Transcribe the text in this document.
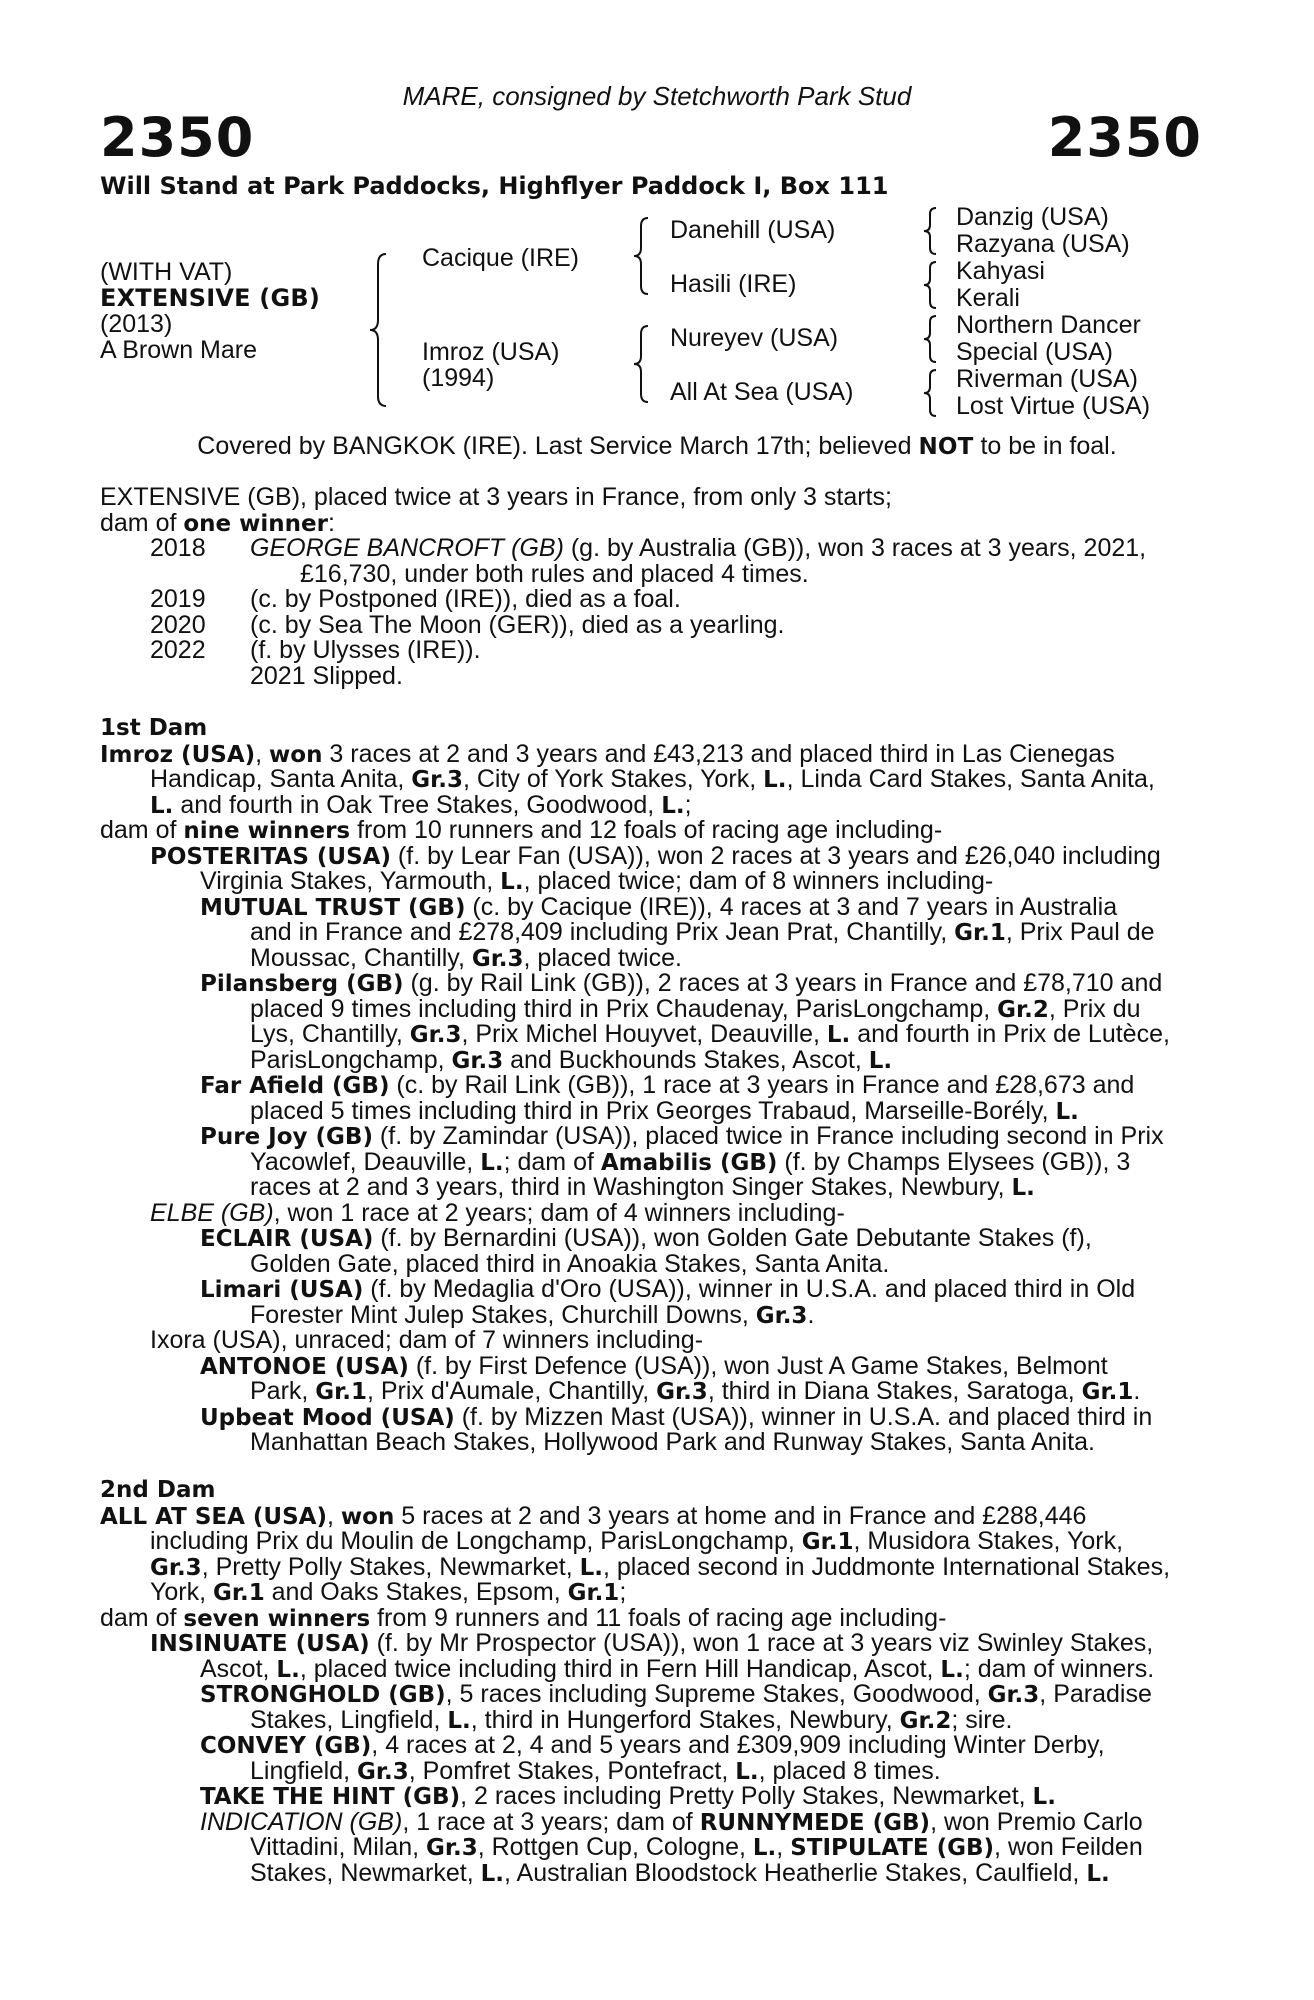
MARE, consigned by Stetchworth Park Stud
2350	2350
Will Stand at Park Paddocks, Highflyer Paddock I, Box 111
(WITH VAT)
EXTENSIVE (GB)
(2013)
A Brown Mare
Cacique (IRE)
Imroz (USA)
(1994)
Danehill (USA)
Hasili (IRE)
Nureyev (USA)
All At Sea (USA)
Danzig (USA)
Razyana (USA)
Kahyasi
Kerali
Northern Dancer
Special (USA)
Riverman (USA)
Lost Virtue (USA)
Covered by BANGKOK (IRE). Last Service March 17th; believed NOT to be in foal.
EXTENSIVE (GB), placed twice at 3 years in France, from only 3 starts;
dam of one winner:
2018 GEORGE BANCROFT (GB) (g. by Australia (GB)), won 3 races at 3 years, 2021,
£16,730, under both rules and placed 4 times.
2019 (c. by Postponed (IRE)), died as a foal.
2020 (c. by Sea The Moon (GER)), died as a yearling.
2022 (f. by Ulysses (IRE)).
2021 Slipped.
1st Dam
Imroz (USA), won 3 races at 2 and 3 years and £43,213 and placed third in Las Cienegas
Handicap, Santa Anita, Gr.3, City of York Stakes, York, L., Linda Card Stakes, Santa Anita,
L. and fourth in Oak Tree Stakes, Goodwood, L.;
dam of nine winners from 10 runners and 12 foals of racing age including-
POSTERITAS (USA) (f. by Lear Fan (USA)), won 2 races at 3 years and £26,040 including
Virginia Stakes, Yarmouth, L., placed twice; dam of 8 winners including-
MUTUAL TRUST (GB) (c. by Cacique (IRE)), 4 races at 3 and 7 years in Australia
and in France and £278,409 including Prix Jean Prat, Chantilly, Gr.1, Prix Paul de
Moussac, Chantilly, Gr.3, placed twice.
Pilansberg (GB) (g. by Rail Link (GB)), 2 races at 3 years in France and £78,710 and
placed 9 times including third in Prix Chaudenay, ParisLongchamp, Gr.2, Prix du
Lys, Chantilly, Gr.3, Prix Michel Houyvet, Deauville, L. and fourth in Prix de Lutèce,
ParisLongchamp, Gr.3 and Buckhounds Stakes, Ascot, L.
Far Afield (GB) (c. by Rail Link (GB)), 1 race at 3 years in France and £28,673 and
placed 5 times including third in Prix Georges Trabaud, Marseille-Borély, L.
Pure Joy (GB) (f. by Zamindar (USA)), placed twice in France including second in Prix
Yacowlef, Deauville, L.; dam of Amabilis (GB) (f. by Champs Elysees (GB)), 3
races at 2 and 3 years, third in Washington Singer Stakes, Newbury, L.
ELBE (GB), won 1 race at 2 years; dam of 4 winners including-
ECLAIR (USA) (f. by Bernardini (USA)), won Golden Gate Debutante Stakes (f),
Golden Gate, placed third in Anoakia Stakes, Santa Anita.
Limari (USA) (f. by Medaglia d'Oro (USA)), winner in U.S.A. and placed third in Old
Forester Mint Julep Stakes, Churchill Downs, Gr.3.
Ixora (USA), unraced; dam of 7 winners including-
ANTONOE (USA) (f. by First Defence (USA)), won Just A Game Stakes, Belmont
Park, Gr.1, Prix d'Aumale, Chantilly, Gr.3, third in Diana Stakes, Saratoga, Gr.1.
Upbeat Mood (USA) (f. by Mizzen Mast (USA)), winner in U.S.A. and placed third in
Manhattan Beach Stakes, Hollywood Park and Runway Stakes, Santa Anita.
2nd Dam
ALL AT SEA (USA), won 5 races at 2 and 3 years at home and in France and £288,446
including Prix du Moulin de Longchamp, ParisLongchamp, Gr.1, Musidora Stakes, York,
Gr.3, Pretty Polly Stakes, Newmarket, L., placed second in Juddmonte International Stakes,
York, Gr.1 and Oaks Stakes, Epsom, Gr.1;
dam of seven winners from 9 runners and 11 foals of racing age including-
INSINUATE (USA) (f. by Mr Prospector (USA)), won 1 race at 3 years viz Swinley Stakes,
Ascot, L., placed twice including third in Fern Hill Handicap, Ascot, L.; dam of winners.
STRONGHOLD (GB), 5 races including Supreme Stakes, Goodwood, Gr.3, Paradise
Stakes, Lingfield, L., third in Hungerford Stakes, Newbury, Gr.2; sire.
CONVEY (GB), 4 races at 2, 4 and 5 years and £309,909 including Winter Derby,
Lingfield, Gr.3, Pomfret Stakes, Pontefract, L., placed 8 times.
TAKE THE HINT (GB), 2 races including Pretty Polly Stakes, Newmarket, L.
INDICATION (GB), 1 race at 3 years; dam of RUNNYMEDE (GB), won Premio Carlo
Vittadini, Milan, Gr.3, Rottgen Cup, Cologne, L., STIPULATE (GB), won Feilden
Stakes, Newmarket, L., Australian Bloodstock Heatherlie Stakes, Caulfield, L.
